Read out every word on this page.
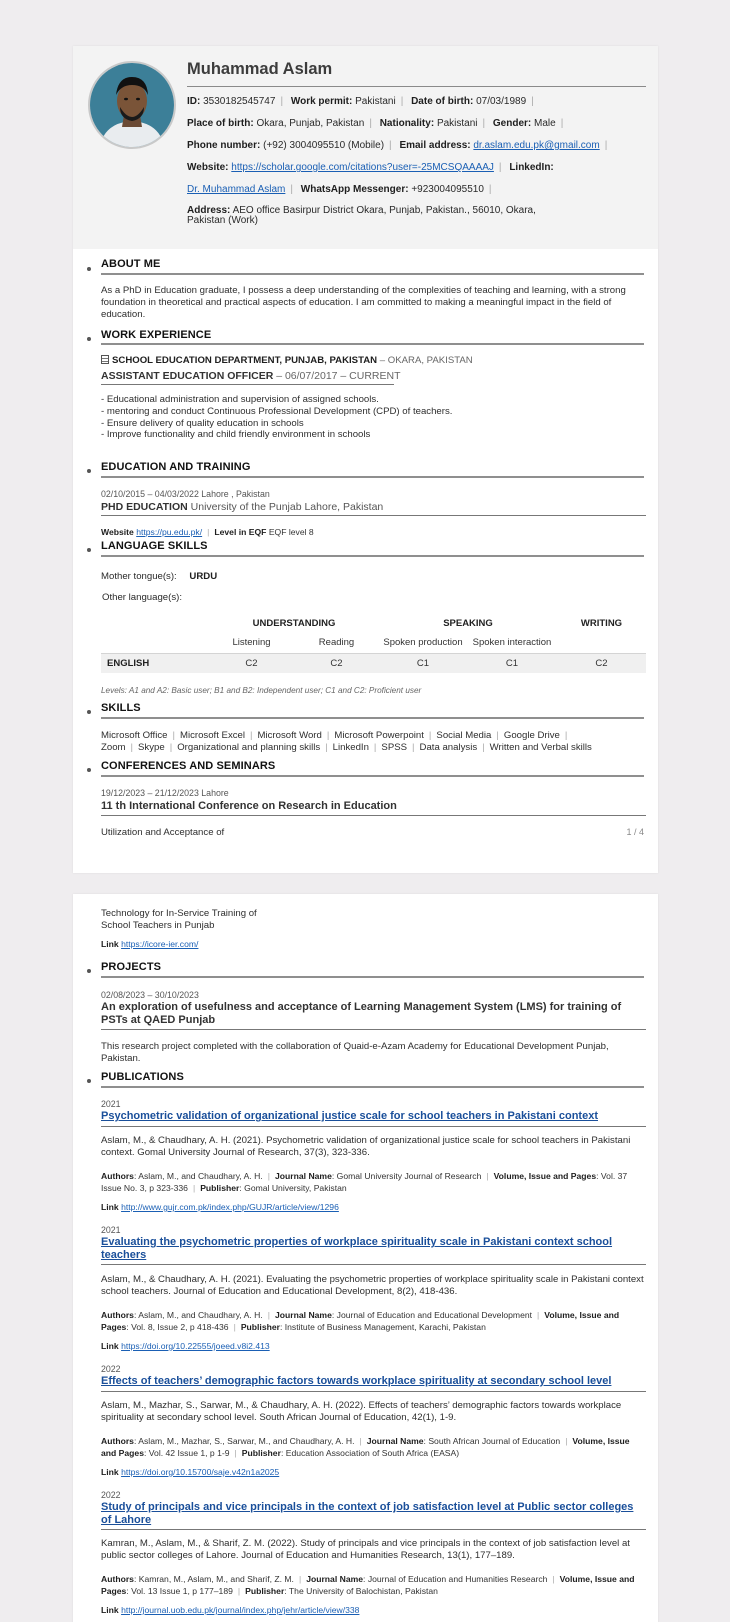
Muhammad Aslam
ID: 3530182545747 | Work permit: Pakistani | Date of birth: 07/03/1989 |
Place of birth: Okara, Punjab, Pakistan | Nationality: Pakistani | Gender: Male |
Phone number: (+92) 3004095510 (Mobile) | Email address: dr.aslam.edu.pk@gmail.com |
Website: https://scholar.google.com/citations?user=-25MCSQAAAAJ | LinkedIn:
Dr. Muhammad Aslam | WhatsApp Messenger: +923004095510 |
Address: AEO office Basirpur District Okara, Punjab, Pakistan., 56010, Okara, Pakistan (Work)
ABOUT ME
As a PhD in Education graduate, I possess a deep understanding of the complexities of teaching and learning, with a strong foundation in theoretical and practical aspects of education. I am committed to making a meaningful impact in the field of education.
WORK EXPERIENCE
SCHOOL EDUCATION DEPARTMENT, PUNJAB, PAKISTAN – OKARA, PAKISTAN
ASSISTANT EDUCATION OFFICER – 06/07/2017 – CURRENT
- Educational administration and supervision of assigned schools.
- mentoring and conduct Continuous Professional Development (CPD) of teachers.
- Ensure delivery of quality education in schools
- Improve functionality and child friendly environment in schools
EDUCATION AND TRAINING
02/10/2015 – 04/03/2022 Lahore , Pakistan
PHD EDUCATION University of the Punjab Lahore, Pakistan
Website https://pu.edu.pk/ | Level in EQF EQF level 8
LANGUAGE SKILLS
Mother tongue(s): URDU
Other language(s):
	UNDERSTANDING		SPEAKING		WRITING
	Listening	Reading	Spoken production	Spoken interaction	
ENGLISH	C2	C2	C1	C1	C2
Levels: A1 and A2: Basic user; B1 and B2: Independent user; C1 and C2: Proficient user
SKILLS
Microsoft Office | Microsoft Excel | Microsoft Word | Microsoft Powerpoint | Social Media | Google Drive |
Zoom | Skype | Organizational and planning skills | LinkedIn | SPSS | Data analysis | Written and Verbal skills
CONFERENCES AND SEMINARS
19/12/2023 – 21/12/2023 Lahore
11 th International Conference on Research in Education
Utilization and Acceptance of	1 / 4
Technology for In-Service Training of School Teachers in Punjab
Link https://icore-ier.com/
PROJECTS
02/08/2023 – 30/10/2023
An exploration of usefulness and acceptance of Learning Management System (LMS) for training of PSTs at QAED Punjab
This research project completed with the collaboration of Quaid-e-Azam Academy for Educational Development Punjab, Pakistan.
PUBLICATIONS
2021
Psychometric validation of organizational justice scale for school teachers in Pakistani context
Aslam, M., & Chaudhary, A. H. (2021). Psychometric validation of organizational justice scale for school teachers in Pakistani context. Gomal University Journal of Research, 37(3), 323-336.
Authors: Aslam, M., and Chaudhary, A. H. | Journal Name: Gomal University Journal of Research | Volume, Issue and Pages: Vol. 37 Issue No. 3, p 323-336 | Publisher: Gomal University, Pakistan
Link http://www.gujr.com.pk/index.php/GUJR/article/view/1296
2021
Evaluating the psychometric properties of workplace spirituality scale in Pakistani context school teachers
Aslam, M., & Chaudhary, A. H. (2021). Evaluating the psychometric properties of workplace spirituality scale in Pakistani context school teachers. Journal of Education and Educational Development, 8(2), 418-436.
Authors: Aslam, M., and Chaudhary, A. H. | Journal Name: Journal of Education and Educational Development | Volume, Issue and Pages: Vol. 8, Issue 2, p 418-436 | Publisher: Institute of Business Management, Karachi, Pakistan
Link https://doi.org/10.22555/joeed.v8i2.413
2022
Effects of teachers’ demographic factors towards workplace spirituality at secondary school level
Aslam, M., Mazhar, S., Sarwar, M., & Chaudhary, A. H. (2022). Effects of teachers’ demographic factors towards workplace spirituality at secondary school level. South African Journal of Education, 42(1), 1-9.
Authors: Aslam, M., Mazhar, S., Sarwar, M., and Chaudhary, A. H. | Journal Name: South African Journal of Education | Volume, Issue and Pages: Vol. 42 Issue 1, p 1-9 | Publisher: Education Association of South Africa (EASA)
Link https://doi.org/10.15700/saje.v42n1a2025
2022
Study of principals and vice principals in the context of job satisfaction level at Public sector colleges of Lahore
Kamran, M., Aslam, M., & Sharif, Z. M. (2022). Study of principals and vice principals in the context of job satisfaction level at public sector colleges of Lahore. Journal of Education and Humanities Research, 13(1), 177–189.
Authors: Kamran, M., Aslam, M., and Sharif, Z. M. | Journal Name: Journal of Education and Humanities Research | Volume, Issue and Pages: Vol. 13 Issue 1, p 177–189 | Publisher: The University of Balochistan, Pakistan
Link http://journal.uob.edu.pk/journal/index.php/jehr/article/view/338
